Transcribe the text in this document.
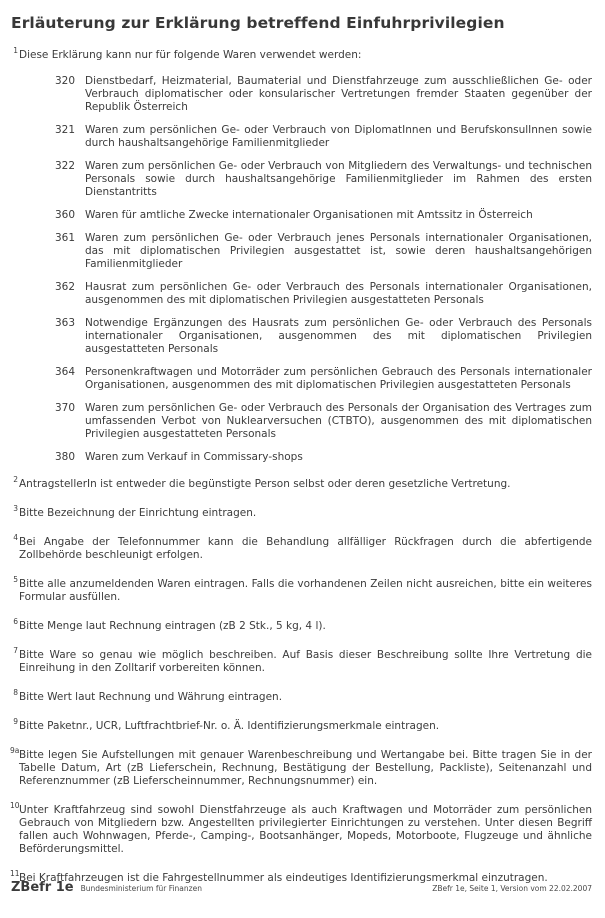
Erläuterung zur Erklärung betreffend Einfuhrprivilegien
1 Diese Erklärung kann nur für folgende Waren verwendet werden:
320 Dienstbedarf, Heizmaterial, Baumaterial und Dienstfahrzeuge zum ausschließlichen Ge- oder Verbrauch diplomatischer oder konsularischer Vertretungen fremder Staaten gegenüber der Republik Österreich
321 Waren zum persönlichen Ge- oder Verbrauch von DiplomatInnen und BerufskonsulInnen sowie durch haushaltsangehörige Familienmitglieder
322 Waren zum persönlichen Ge- oder Verbrauch von Mitgliedern des Verwaltungs- und technischen Personals sowie durch haushaltsangehörige Familienmitglieder im Rahmen des ersten Dienstantritts
360 Waren für amtliche Zwecke internationaler Organisationen mit Amtssitz in Österreich
361 Waren zum persönlichen Ge- oder Verbrauch jenes Personals internationaler Organisationen, das mit diplomatischen Privilegien ausgestattet ist, sowie deren haushaltsangehörigen Familienmitglieder
362 Hausrat zum persönlichen Ge- oder Verbrauch des Personals internationaler Organisationen, ausgenommen des mit diplomatischen Privilegien ausgestatteten Personals
363 Notwendige Ergänzungen des Hausrats zum persönlichen Ge- oder Verbrauch des Personals internationaler Organisationen, ausgenommen des mit diplomatischen Privilegien ausgestatteten Personals
364 Personenkraftwagen und Motorräder zum persönlichen Gebrauch des Personals internationaler Organisationen, ausgenommen des mit diplomatischen Privilegien ausgestatteten Personals
370 Waren zum persönlichen Ge- oder Verbrauch des Personals der Organisation des Vertrages zum umfassenden Verbot von Nuklearversuchen (CTBTO), ausgenommen des mit diplomatischen Privilegien ausgestatteten Personals
380 Waren zum Verkauf in Commissary-shops
2 AntragstellerIn ist entweder die begünstigte Person selbst oder deren gesetzliche Vertretung.
3 Bitte Bezeichnung der Einrichtung eintragen.
4 Bei Angabe der Telefonnummer kann die Behandlung allfälliger Rückfragen durch die abfertigende Zollbehörde beschleunigt erfolgen.
5 Bitte alle anzumeldenden Waren eintragen. Falls die vorhandenen Zeilen nicht ausreichen, bitte ein weiteres Formular ausfüllen.
6 Bitte Menge laut Rechnung eintragen (zB 2 Stk., 5 kg, 4 l).
7 Bitte Ware so genau wie möglich beschreiben. Auf Basis dieser Beschreibung sollte Ihre Vertretung die Einreihung in den Zolltarif vorbereiten können.
8 Bitte Wert laut Rechnung und Währung eintragen.
9 Bitte Paketnr., UCR, Luftfrachtbrief-Nr. o. Ä. Identifizierungsmerkmale eintragen.
9a Bitte legen Sie Aufstellungen mit genauer Warenbeschreibung und Wertangabe bei. Bitte tragen Sie in der Tabelle Datum, Art (zB Lieferschein, Rechnung, Bestätigung der Bestellung, Packliste), Seitenanzahl und Referenznummer (zB Lieferscheinnummer, Rechnungsnummer) ein.
10 Unter Kraftfahrzeug sind sowohl Dienstfahrzeuge als auch Kraftwagen und Motorräder zum persönlichen Gebrauch von Mitgliedern bzw. Angestellten privilegierter Einrichtungen zu verstehen. Unter diesen Begriff fallen auch Wohnwagen, Pferde-, Camping-, Bootsanhänger, Mopeds, Motorboote, Flugzeuge und ähnliche Beförderungsmittel.
11 Bei Kraftfahrzeugen ist die Fahrgestellnummer als eindeutiges Identifizierungsmerkmal einzutragen.
ZBefr 1e Bundesministerium für Finanzen	ZBefr 1e, Seite 1, Version vom 22.02.2007
